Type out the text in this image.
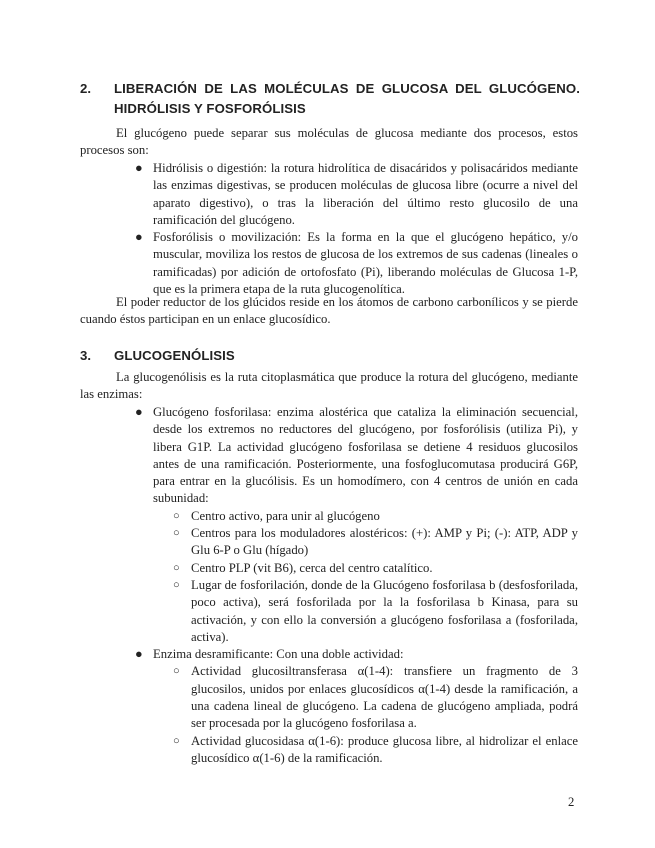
2. LIBERACIÓN DE LAS MOLÉCULAS DE GLUCOSA DEL GLUCÓGENO. HIDRÓLISIS Y FOSFORÓLISIS
El glucógeno puede separar sus moléculas de glucosa mediante dos procesos, estos procesos son:
● Hidrólisis o digestión: la rotura hidrolítica de disacáridos y polisacáridos mediante las enzimas digestivas, se producen moléculas de glucosa libre (ocurre a nivel del aparato digestivo), o tras la liberación del último resto glucosilo de una ramificación del glucógeno.
● Fosforólisis o movilización: Es la forma en la que el glucógeno hepático, y/o muscular, moviliza los restos de glucosa de los extremos de sus cadenas (lineales o ramificadas) por adición de ortofosfato (Pi), liberando moléculas de Glucosa 1-P, que es la primera etapa de la ruta glucogenolítica.
El poder reductor de los glúcidos reside en los átomos de carbono carbonílicos y se pierde cuando éstos participan en un enlace glucosídico.
3. GLUCOGENÓLISIS
La glucogenólisis es la ruta citoplasmática que produce la rotura del glucógeno, mediante las enzimas:
● Glucógeno fosforilasa: enzima alostérica que cataliza la eliminación secuencial, desde los extremos no reductores del glucógeno, por fosforólisis (utiliza Pi), y libera G1P. La actividad glucógeno fosforilasa se detiene 4 residuos glucosilos antes de una ramificación. Posteriormente, una fosfoglucomutasa producirá G6P, para entrar en la glucólisis. Es un homodímero, con 4 centros de unión en cada subunidad:
○ Centro activo, para unir al glucógeno
○ Centros para los moduladores alostéricos: (+): AMP y Pi; (-): ATP, ADP y Glu 6-P o Glu (hígado)
○ Centro PLP (vit B6), cerca del centro catalítico.
○ Lugar de fosforilación, donde de la Glucógeno fosforilasa b (desfosforilada, poco activa), será fosforilada por la la fosforilasa b Kinasa, para su activación, y con ello la conversión a glucógeno fosforilasa a (fosforilada, activa).
● Enzima desramificante: Con una doble actividad:
○ Actividad glucosiltransferasa α(1-4): transfiere un fragmento de 3 glucosilos, unidos por enlaces glucosídicos α(1-4) desde la ramificación, a una cadena lineal de glucógeno. La cadena de glucógeno ampliada, podrá ser procesada por la glucógeno fosforilasa a.
○ Actividad glucosidasa α(1-6): produce glucosa libre, al hidrolizar el enlace glucosídico α(1-6) de la ramificación.
2
